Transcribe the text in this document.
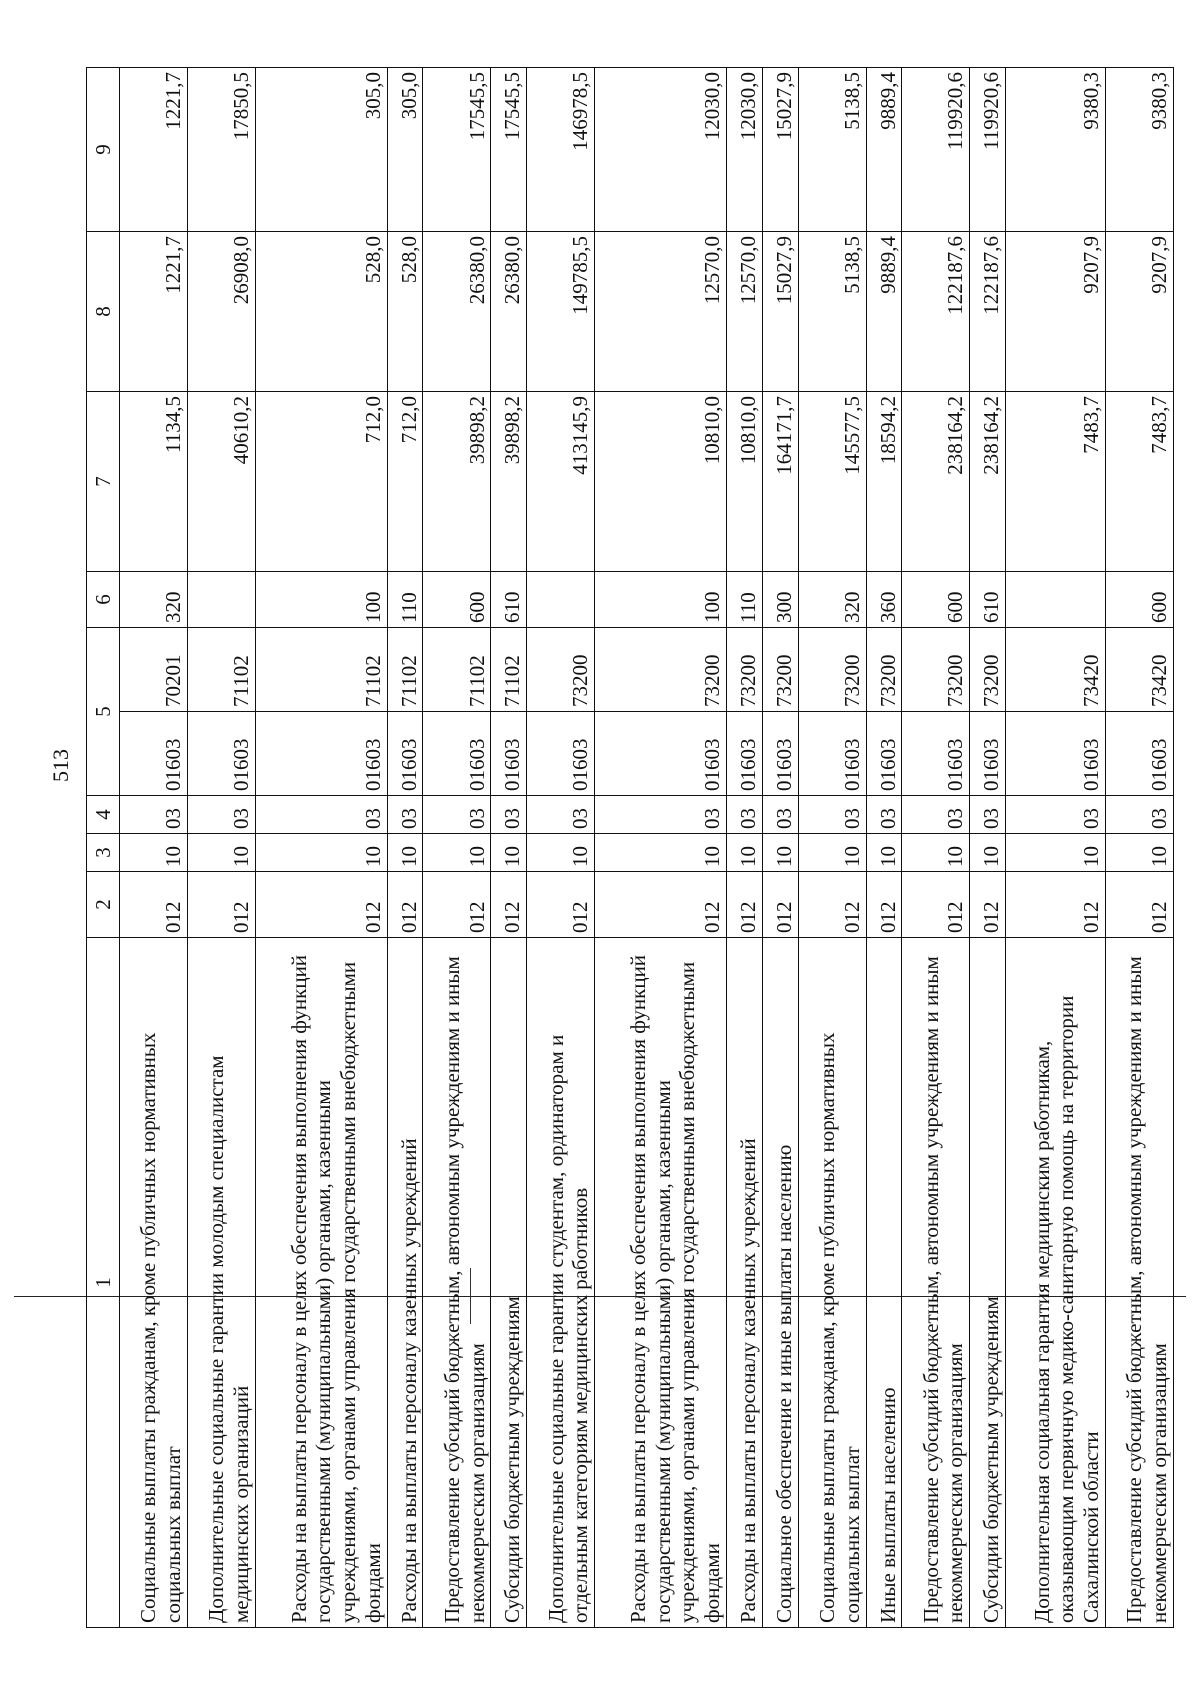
513
1	2	3	4	5		6	7	8	9
Социальные выплаты гражданам, кроме публичных нормативных социальных выплат	012	10	03	01603	70201	320	1134,5	1221,7	1221,7
Дополнительные социальные гарантии молодым специалистам медицинских организаций	012	10	03	01603	71102		40610,2	26908,0	17850,5
Расходы на выплаты персоналу в целях обеспечения выполнения функций государственными (муниципальными) органами, казенными учреждениями, органами управления государственными внебюджетными фондами	012	10	03	01603	71102	100	712,0	528,0	305,0
Расходы на выплаты персоналу казенных учреждений	012	10	03	01603	71102	110	712,0	528,0	305,0
Предоставление субсидий бюджетным, автономным учреждениям и иным некоммерческим организациям	012	10	03	01603	71102	600	39898,2	26380,0	17545,5
Субсидии бюджетным учреждениям	012	10	03	01603	71102	610	39898,2	26380,0	17545,5
Дополнительные социальные гарантии студентам, ординаторам и отдельным категориям медицинских работников	012	10	03	01603	73200		413145,9	149785,5	146978,5
Расходы на выплаты персоналу в целях обеспечения выполнения функций государственными (муниципальными) органами, казенными учреждениями, органами управления государственными внебюджетными фондами	012	10	03	01603	73200	100	10810,0	12570,0	12030,0
Расходы на выплаты персоналу казенных учреждений	012	10	03	01603	73200	110	10810,0	12570,0	12030,0
Социальное обеспечение и иные выплаты населению	012	10	03	01603	73200	300	164171,7	15027,9	15027,9
Социальные выплаты гражданам, кроме публичных нормативных социальных выплат	012	10	03	01603	73200	320	145577,5	5138,5	5138,5
Иные выплаты населению	012	10	03	01603	73200	360	18594,2	9889,4	9889,4
Предоставление субсидий бюджетным, автономным учреждениям и иным некоммерческим организациям	012	10	03	01603	73200	600	238164,2	122187,6	119920,6
Субсидии бюджетным учреждениям	012	10	03	01603	73200	610	238164,2	122187,6	119920,6
Дополнительная социальная гарантия медицинским работникам, оказывающим первичную медико-санитарную помощь на территории Сахалинской области	012	10	03	01603	73420		7483,7	9207,9	9380,3
Предоставление субсидий бюджетным, автономным учреждениям и иным некоммерческим организациям	012	10	03	01603	73420	600	7483,7	9207,9	9380,3
